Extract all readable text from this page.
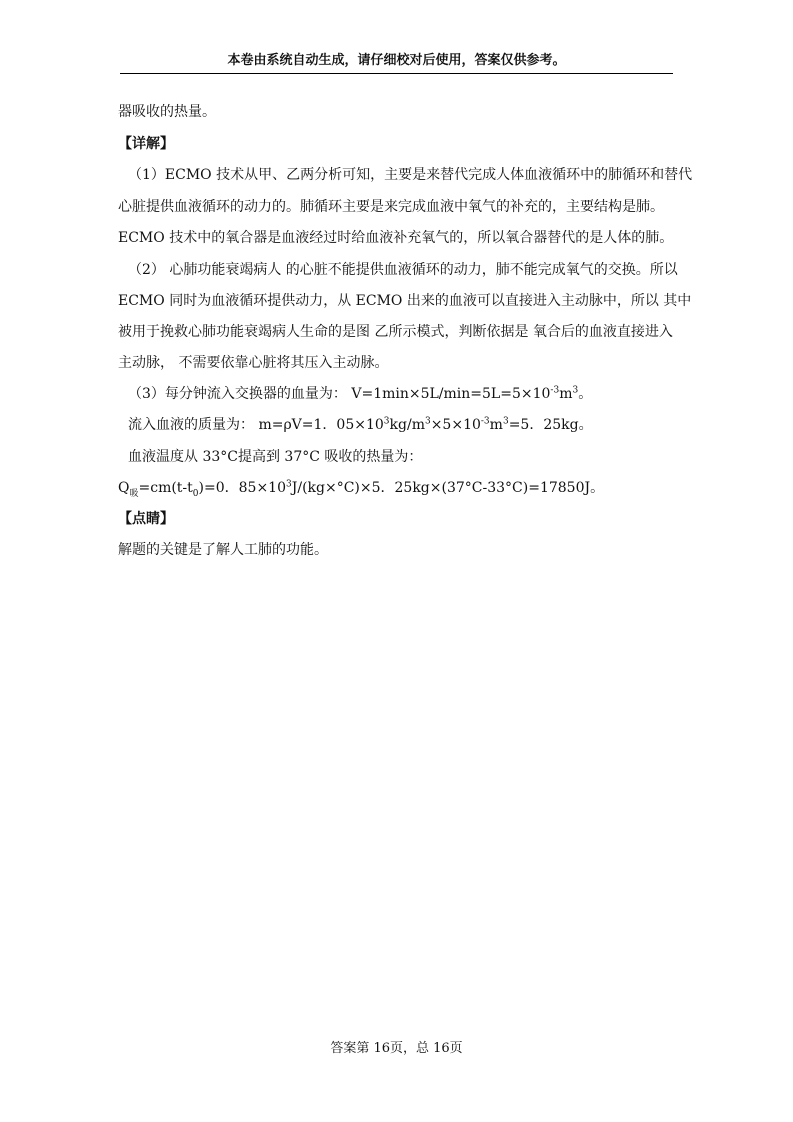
本卷由系统自动生成，请仔细校对后使用，答案仅供参考。
器吸收的热量。
【详解】
（1）ECMO 技术从甲、乙两分析可知，主要是来替代完成人体血液循环中的肺循环和替代
心脏提供血液循环的动力的。肺循环主要是来完成血液中氧气的补充的，主要结构是肺。
ECMO 技术中的氧合器是血液经过时给血液补充氧气的，所以氧合器替代的是人体的肺。
（2） 心肺功能衰竭病人 的心脏不能提供血液循环的动力，肺不能完成氧气的交换。所以
ECMO 同时为血液循环提供动力，从 ECMO 出来的血液可以直接进入主动脉中，所以 其中
被用于挽救心肺功能衰竭病人生命的是图 乙所示模式，判断依据是 氧合后的血液直接进入
主动脉， 不需要依靠心脏将其压入主动脉。
（3）每分钟流入交换器的血量为： $V=1\min\times 5L/\min=5L=5\times 10^{-3}m^3$。
流入血液的质量为： m=ρV=1．$05\times 10^3kg/m^3\times 5\times 10^{-3}m^3=5$．25kg。
血液温度从 33°C提高到 37°C 吸收的热量为：
$Q_吸=cm(t-t_0)=0$．$85\times 10^3J/(kg\times^\circ C)\times 5$．25kg×(37°C-33°C)=17850J。
【点睛】
解题的关键是了解人工肺的功能。
答案第 16页，总 16页
